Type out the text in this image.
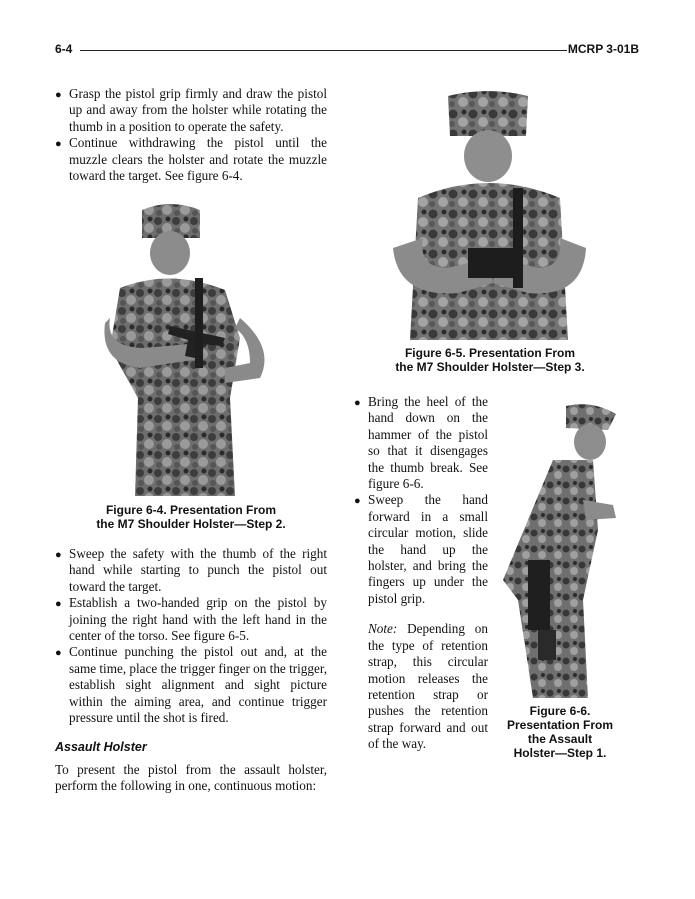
6-4	MCRP 3-01B
● Grasp the pistol grip firmly and draw the pistol up and away from the holster while rotating the thumb in a position to operate the safety.
● Continue withdrawing the pistol until the muzzle clears the holster and rotate the muzzle toward the target. See figure 6-4.
Figure 6-4. Presentation From
the M7 Shoulder Holster—Step 2.
● Sweep the safety with the thumb of the right hand while starting to punch the pistol out toward the target.
● Establish a two-handed grip on the pistol by joining the right hand with the left hand in the center of the torso. See figure 6-5.
● Continue punching the pistol out and, at the same time, place the trigger finger on the trigger, establish sight alignment and sight picture within the aiming area, and continue trigger pressure until the shot is fired.
Assault Holster
To present the pistol from the assault holster, perform the following in one, continuous motion:
Figure 6-5. Presentation From
the M7 Shoulder Holster—Step 3.
● Bring the heel of the hand down on the hammer of the pistol so that it disengages the thumb break. See figure 6-6.
● Sweep the hand forward in a small circular motion, slide the hand up the holster, and bring the fingers up under the pistol grip.
Note: Depending on the type of retention strap, this circular motion releases the retention strap or pushes the retention strap forward and out of the way.
Figure 6-6.
Presentation From
the Assault
Holster—Step 1.
